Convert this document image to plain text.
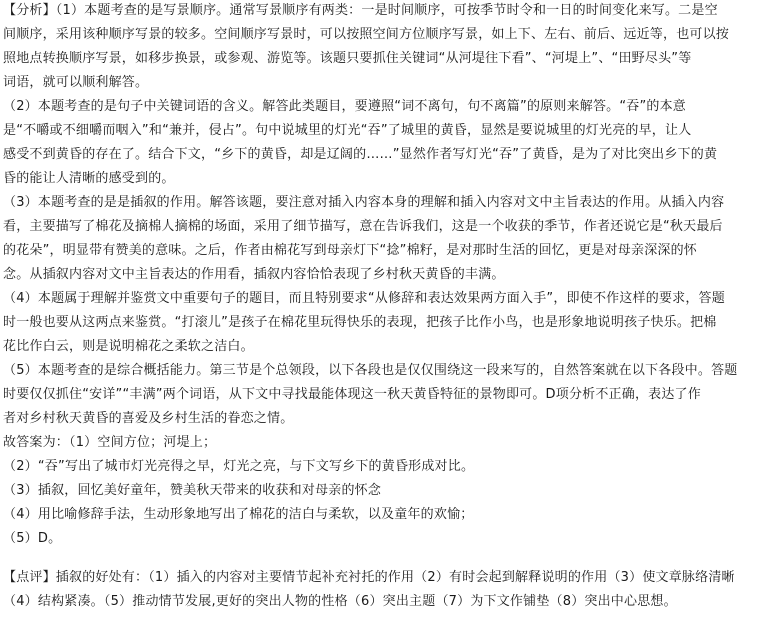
【分析】（1）本题考查的是写景顺序。通常写景顺序有两类：一是时间顺序，可按季节时令和一日的时间变化来写。二是空
间顺序，采用该种顺序写景的较多。空间顺序写景时，可以按照空间方位顺序写景，如上下、左右、前后、远近等，也可以按
照地点转换顺序写景，如移步换景，或参观、游览等。该题只要抓住关键词“从河堤往下看”、“河堤上”、“田野尽头”等
词语，就可以顺利解答。
（2）本题考查的是句子中关键词语的含义。解答此类题目，要遵照“词不离句，句不离篇”的原则来解答。“吞”的本意
是“不嚼或不细嚼而咽入”和“兼并，侵占”。句中说城里的灯光“吞”了城里的黄昏，显然是要说城里的灯光亮的早，让人
感受不到黄昏的存在了。结合下文，“乡下的黄昏，却是辽阔的……”显然作者写灯光“吞”了黄昏，是为了对比突出乡下的黄
昏的能让人清晰的感受到的。
（3）本题考查的是是插叙的作用。解答该题，要注意对插入内容本身的理解和插入内容对文中主旨表达的作用。从插入内容
看，主要描写了棉花及摘棉人摘棉的场面，采用了细节描写，意在告诉我们，这是一个收获的季节，作者还说它是“秋天最后
的花朵”，明显带有赞美的意味。之后，作者由棉花写到母亲灯下“捻”棉籽，是对那时生活的回忆，更是对母亲深深的怀
念。从插叙内容对文中主旨表达的作用看，插叙内容恰恰表现了乡村秋天黄昏的丰满。
（4）本题属于理解并鉴赏文中重要句子的题目，而且特别要求“从修辞和表达效果两方面入手”，即使不作这样的要求，答题
时一般也要从这两点来鉴赏。“打滚儿”是孩子在棉花里玩得快乐的表现，把孩子比作小鸟，也是形象地说明孩子快乐。把棉
花比作白云，则是说明棉花之柔软之洁白。
（5）本题考查的是综合概括能力。第三节是个总领段，以下各段也是仅仅围绕这一段来写的，自然答案就在以下各段中。答题
时要仅仅抓住“安详”“丰满”两个词语，从下文中寻找最能体现这一秋天黄昏特征的景物即可。D项分析不正确，表达了作
者对乡村秋天黄昏的喜爱及乡村生活的眷恋之情。
故答案为：（1）空间方位；河堤上；
（2）“吞”写出了城市灯光亮得之早，灯光之亮，与下文写乡下的黄昏形成对比。
（3）插叙，回忆美好童年，赞美秋天带来的收获和对母亲的怀念
（4）用比喻修辞手法，生动形象地写出了棉花的洁白与柔软，以及童年的欢愉；
（5）D。
【点评】插叙的好处有：（1）插入的内容对主要情节起补充衬托的作用（2）有时会起到解释说明的作用（3）使文章脉络清晰
（4）结构紧凑。（5）推动情节发展,更好的突出人物的性格（6）突出主题（7）为下文作铺垫（8）突出中心思想。
